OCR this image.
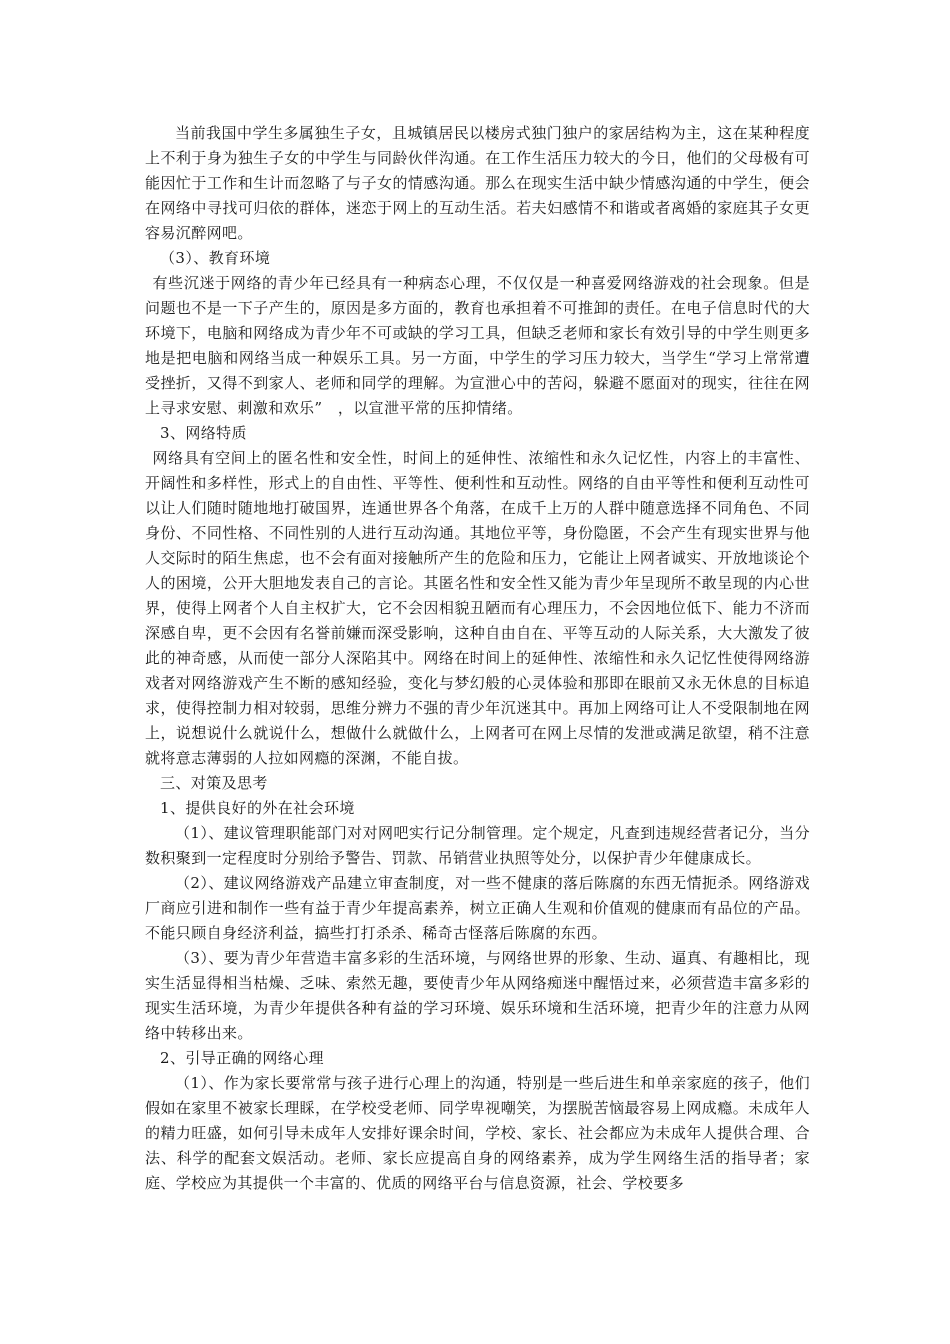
当前我国中学生多属独生子女，且城镇居民以楼房式独门独户的家居结构为主，这在某种程度上不利于身为独生子女的中学生与同龄伙伴沟通。在工作生活压力较大的今日，他们的父母极有可能因忙于工作和生计而忽略了与子女的情感沟通。那么在现实生活中缺少情感沟通的中学生，便会在网络中寻找可归依的群体，迷恋于网上的互动生活。若夫妇感情不和谐或者离婚的家庭其子女更容易沉醉网吧。

（3）、教育环境

有些沉迷于网络的青少年已经具有一种病态心理，不仅仅是一种喜爱网络游戏的社会现象。但是问题也不是一下子产生的，原因是多方面的，教育也承担着不可推卸的责任。在电子信息时代的大环境下，电脑和网络成为青少年不可或缺的学习工具，但缺乏老师和家长有效引导的中学生则更多地是把电脑和网络当成一种娱乐工具。另一方面，中学生的学习压力较大，当学生“学习上常常遭受挫折，又得不到家人、老师和同学的理解。为宣泄心中的苦闷，躲避不愿面对的现实，往往在网上寻求安慰、刺激和欢乐”　，以宣泄平常的压抑情绪。

3、网络特质

网络具有空间上的匿名性和安全性，时间上的延伸性、浓缩性和永久记忆性，内容上的丰富性、开阔性和多样性，形式上的自由性、平等性、便利性和互动性。网络的自由平等性和便利互动性可以让人们随时随地地打破国界，连通世界各个角落，在成千上万的人群中随意选择不同角色、不同身份、不同性格、不同性别的人进行互动沟通。其地位平等，身份隐匿，不会产生有现实世界与他人交际时的陌生焦虑，也不会有面对接触所产生的危险和压力，它能让上网者诚实、开放地谈论个人的困境，公开大胆地发表自己的言论。其匿名性和安全性又能为青少年呈现所不敢呈现的内心世界，使得上网者个人自主权扩大，它不会因相貌丑陋而有心理压力，不会因地位低下、能力不济而深感自卑，更不会因有名誉前嫌而深受影响，这种自由自在、平等互动的人际关系，大大激发了彼此的神奇感，从而使一部分人深陷其中。网络在时间上的延伸性、浓缩性和永久记忆性使得网络游戏者对网络游戏产生不断的感知经验，变化与梦幻般的心灵体验和那即在眼前又永无休息的目标追求，使得控制力相对较弱，思维分辨力不强的青少年沉迷其中。再加上网络可让人不受限制地在网上，说想说什么就说什么，想做什么就做什么，上网者可在网上尽情的发泄或满足欲望，稍不注意就将意志薄弱的人拉如网瘾的深渊，不能自拔。

三、对策及思考

1、提供良好的外在社会环境

（1）、建议管理职能部门对对网吧实行记分制管理。定个规定，凡查到违规经营者记分，当分数积聚到一定程度时分别给予警告、罚款、吊销营业执照等处分，以保护青少年健康成长。

（2）、建议网络游戏产品建立审查制度，对一些不健康的落后陈腐的东西无情扼杀。网络游戏厂商应引进和制作一些有益于青少年提高素养，树立正确人生观和价值观的健康而有品位的产品。不能只顾自身经济利益，搞些打打杀杀、稀奇古怪落后陈腐的东西。

（3）、要为青少年营造丰富多彩的生活环境，与网络世界的形象、生动、逼真、有趣相比，现实生活显得相当枯燥、乏味、索然无趣，要使青少年从网络痴迷中醒悟过来，必须营造丰富多彩的现实生活环境，为青少年提供各种有益的学习环境、娱乐环境和生活环境，把青少年的注意力从网络中转移出来。

2、引导正确的网络心理

（1）、作为家长要常常与孩子进行心理上的沟通，特别是一些后进生和单亲家庭的孩子，他们假如在家里不被家长理睬，在学校受老师、同学卑视嘲笑，为摆脱苦恼最容易上网成瘾。未成年人的精力旺盛，如何引导未成年人安排好课余时间，学校、家长、社会都应为未成年人提供合理、合法、科学的配套文娱活动。老师、家长应提高自身的网络素养，成为学生网络生活的指导者；家庭、学校应为其提供一个丰富的、优质的网络平台与信息资源，社会、学校要多
